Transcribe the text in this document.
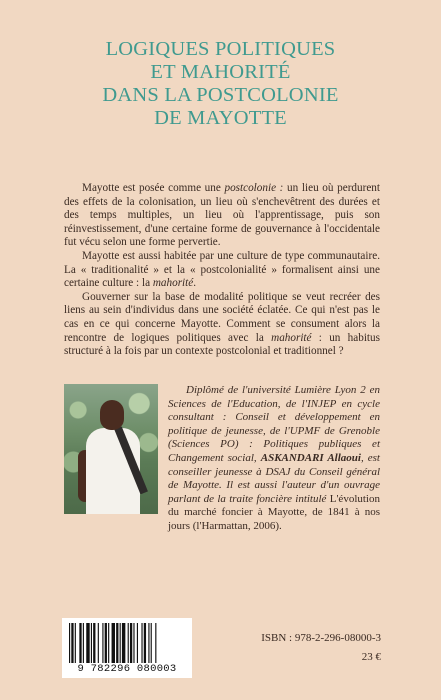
LOGIQUES POLITIQUES
ET MAHORITÉ
DANS LA POSTCOLONIE
DE MAYOTTE

Mayotte est posée comme une postcolonie : un lieu où perdurent des effets de la colonisation, un lieu où s'enchevêtrent des durées et des temps multiples, un lieu où l'apprentissage, puis son réinvestissement, d'une certaine forme de gouvernance à l'occidentale fut vécu selon une forme pervertie.

Mayotte est aussi habitée par une culture de type communautaire. La « traditionalité » et la « postcolonialité » formalisent ainsi une certaine culture : la mahorité.

Gouverner sur la base de modalité politique se veut recréer des liens au sein d'individus dans une société éclatée. Ce qui n'est pas le cas en ce qui concerne Mayotte. Comment se consument alors la rencontre de logiques politiques avec la mahorité : un habitus structuré à la fois par un contexte postcolonial et traditionnel ?

Diplômé de l'université Lumière Lyon 2 en Sciences de l'Education, de l'INJEP en cycle consultant : Conseil et développement en politique de jeunesse, de l'UPMF de Grenoble (Sciences PO) : Politiques publiques et Changement social, ASKANDARI Allaoui, est conseiller jeunesse à DSAJ du Conseil général de Mayotte. Il est aussi l'auteur d'un ouvrage parlant de la traite foncière intitulé L'évolution du marché foncier à Mayotte, de 1841 à nos jours (l'Harmattan, 2006).
9 782296 080003
ISBN : 978-2-296-08000-3
23 €
